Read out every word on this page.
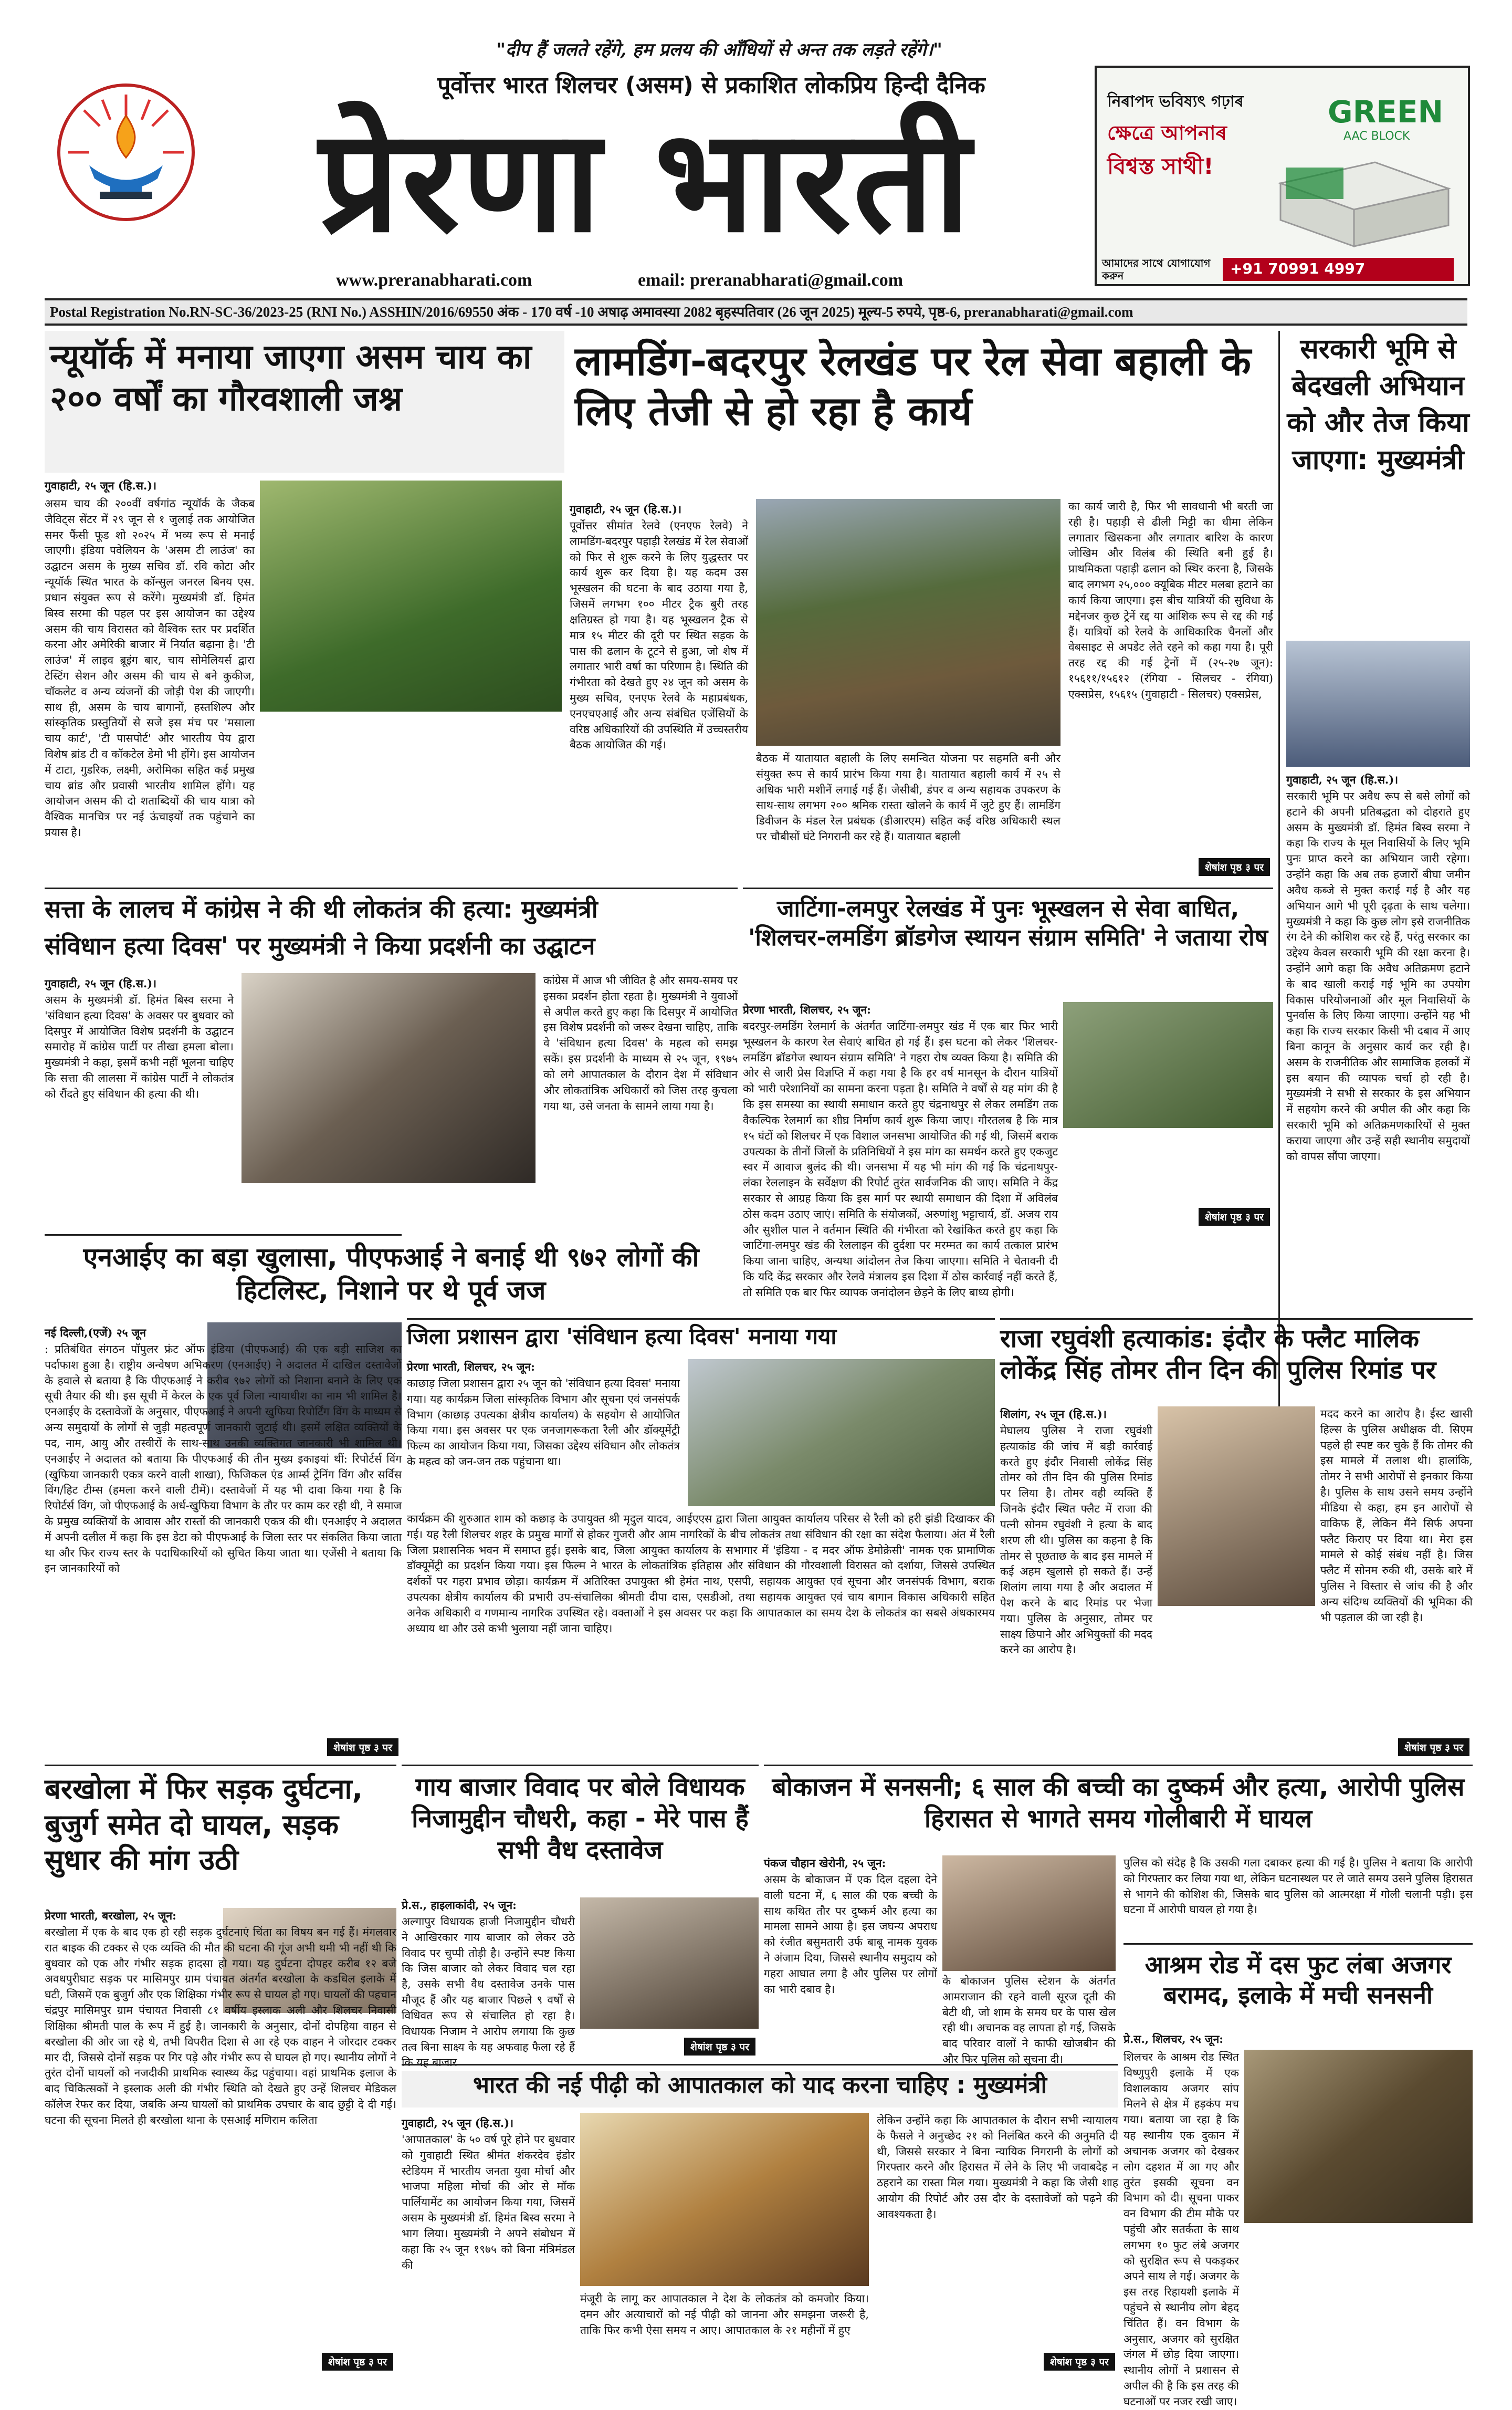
"दीप हैं जलते रहेंगे, हम प्रलय की आँधियों से अन्त तक लड़ते रहेंगे।"
पूर्वोत्तर भारत शिलचर (असम) से प्रकाशित लोकप्रिय हिन्दी दैनिक
प्रेरणा भारती
www.preranabharati.com	email: preranabharati@gmail.com
নিৰাপদ ভবিষ্যৎ গঢ়াৰ
ক্ষেত্ৰে আপনাৰ
বিশ্বস্ত সাথী!
GREEN
AAC BLOCK
আমাদের সাথে যোগাযোগ করুন	+91 70991 4997
Postal Registration No.RN-SC-36/2023-25 (RNI No.) ASSHIN/2016/69550 अंक - 170 वर्ष -10 अषाढ़ अमावस्या 2082 बृहस्पतिवार (26 जून 2025) मूल्य-5 रुपये, पृष्ठ-6, preranabharati@gmail.com
न्यूयॉर्क में मनाया जाएगा असम चाय का २०० वर्षों का गौरवशाली जश्न
गुवाहाटी, २५ जून (हि.स.)।
असम चाय की २००वीं वर्षगांठ न्यूयॉर्क के जैकब जैविट्स सेंटर में २९ जून से १ जुलाई तक आयोजित समर फैंसी फूड शो २०२५ में भव्य रूप से मनाई जाएगी। इंडिया पवेलियन के 'असम टी लाउंज' का उद्घाटन असम के मुख्य सचिव डॉ. रवि कोटा और न्यूयॉर्क स्थित भारत के कॉन्सुल जनरल बिनय एस. प्रधान संयुक्त रूप से करेंगे। मुख्यमंत्री डॉ. हिमंत बिस्व सरमा की पहल पर इस आयोजन का उद्देश्य असम की चाय विरासत को वैश्विक स्तर पर प्रदर्शित करना और अमेरिकी बाजार में निर्यात बढ़ाना है। 'टी लाउंज' में लाइव ब्रूइंग बार, चाय सोमेलियर्स द्वारा टेस्टिंग सेशन और असम की चाय से बने कुकीज, चॉकलेट व अन्य व्यंजनों की जोड़ी पेश की जाएगी। साथ ही, असम के चाय बागानों, हस्तशिल्प और सांस्कृतिक प्रस्तुतियों से सजे इस मंच पर 'मसाला चाय कार्ट', 'टी पासपोर्ट' और भारतीय पेय द्वारा विशेष ब्रांड टी व कॉकटेल डेमो भी होंगे। इस आयोजन में टाटा, गुडरिक, लक्ष्मी, अरोमिका सहित कई प्रमुख चाय ब्रांड और प्रवासी भारतीय शामिल होंगे। यह आयोजन असम की दो शताब्दियों की चाय यात्रा को वैश्विक मानचित्र पर नई ऊंचाइयों तक पहुंचाने का प्रयास है।
लामडिंग-बदरपुर रेलखंड पर रेल सेवा बहाली के लिए तेजी से हो रहा है कार्य
गुवाहाटी, २५ जून (हि.स.)।
पूर्वोत्तर सीमांत रेलवे (एनएफ रेलवे) ने लामडिंग-बदरपुर पहाड़ी रेलखंड में रेल सेवाओं को फिर से शुरू करने के लिए युद्धस्तर पर कार्य शुरू कर दिया है। यह कदम उस भूस्खलन की घटना के बाद उठाया गया है, जिसमें लगभग १०० मीटर ट्रैक बुरी तरह क्षतिग्रस्त हो गया है। यह भूस्खलन ट्रैक से मात्र १५ मीटर की दूरी पर स्थित सड़क के पास की ढलान के टूटने से हुआ, जो शेष में लगातार भारी वर्षा का परिणाम है। स्थिति की गंभीरता को देखते हुए २४ जून को असम के मुख्य सचिव, एनएफ रेलवे के महाप्रबंधक, एनएचएआई और अन्य संबंधित एजेंसियों के वरिष्ठ अधिकारियों की उपस्थिति में उच्चस्तरीय बैठक आयोजित की गई।
बैठक में यातायात बहाली के लिए समन्वित योजना पर सहमति बनी और संयुक्त रूप से कार्य प्रारंभ किया गया है। यातायात बहाली कार्य में २५ से अधिक भारी मशीनें लगाई गई हैं। जेसीबी, डंपर व अन्य सहायक उपकरण के साथ-साथ लगभग २०० श्रमिक रास्ता खोलने के कार्य में जुटे हुए हैं। लामडिंग डिवीजन के मंडल रेल प्रबंधक (डीआरएम) सहित कई वरिष्ठ अधिकारी स्थल पर चौबीसों घंटे निगरानी कर रहे हैं। यातायात बहाली
का कार्य जारी है, फिर भी सावधानी भी बरती जा रही है। पहाड़ी से ढीली मिट्टी का धीमा लेकिन लगातार खिसकना और लगातार बारिश के कारण जोखिम और विलंब की स्थिति बनी हुई है। प्राथमिकता पहाड़ी ढलान को स्थिर करना है, जिसके बाद लगभग २५,००० क्यूबिक मीटर मलबा हटाने का कार्य किया जाएगा। इस बीच यात्रियों की सुविधा के मद्देनजर कुछ ट्रेनें रद्द या आंशिक रूप से रद्द की गई हैं। यात्रियों को रेलवे के आधिकारिक चैनलों और वेबसाइट से अपडेट लेते रहने को कहा गया है। पूरी तरह रद्द की गई ट्रेनों में (२५-२७ जून): १५६११/१५६१२ (रंगिया - सिलचर - रंगिया) एक्सप्रेस, १५६१५ (गुवाहाटी - सिलचर) एक्सप्रेस,
शेषांश पृष्ठ ३ पर
सरकारी भूमि से बेदखली अभियान को और तेज किया जाएगा: मुख्यमंत्री
गुवाहाटी, २५ जून (हि.स.)।
सरकारी भूमि पर अवैध रूप से बसे लोगों को हटाने की अपनी प्रतिबद्धता को दोहराते हुए असम के मुख्यमंत्री डॉ. हिमंत बिस्व सरमा ने कहा कि राज्य के मूल निवासियों के लिए भूमि पुनः प्राप्त करने का अभियान जारी रहेगा। उन्होंने कहा कि अब तक हजारों बीघा जमीन अवैध कब्जे से मुक्त कराई गई है और यह अभियान आगे भी पूरी दृढ़ता के साथ चलेगा। मुख्यमंत्री ने कहा कि कुछ लोग इसे राजनीतिक रंग देने की कोशिश कर रहे हैं, परंतु सरकार का उद्देश्य केवल सरकारी भूमि की रक्षा करना है। उन्होंने आगे कहा कि अवैध अतिक्रमण हटाने के बाद खाली कराई गई भूमि का उपयोग विकास परियोजनाओं और मूल निवासियों के पुनर्वास के लिए किया जाएगा। उन्होंने यह भी कहा कि राज्य सरकार किसी भी दबाव में आए बिना कानून के अनुसार कार्य कर रही है। असम के राजनीतिक और सामाजिक हलकों में इस बयान की व्यापक चर्चा हो रही है। मुख्यमंत्री ने सभी से सरकार के इस अभियान में सहयोग करने की अपील की और कहा कि सरकारी भूमि को अतिक्रमणकारियों से मुक्त कराया जाएगा और उन्हें सही स्थानीय समुदायों को वापस सौंपा जाएगा।
सत्ता के लालच में कांग्रेस ने की थी लोकतंत्र की हत्या: मुख्यमंत्री
संविधान हत्या दिवस' पर मुख्यमंत्री ने किया प्रदर्शनी का उद्घाटन
गुवाहाटी, २५ जून (हि.स.)।
असम के मुख्यमंत्री डॉ. हिमंत बिस्व सरमा ने 'संविधान हत्या दिवस' के अवसर पर बुधवार को दिसपुर में आयोजित विशेष प्रदर्शनी के उद्घाटन समारोह में कांग्रेस पार्टी पर तीखा हमला बोला। मुख्यमंत्री ने कहा, इसमें कभी नहीं भूलना चाहिए कि सत्ता की लालसा में कांग्रेस पार्टी ने लोकतंत्र को रौंदते हुए संविधान की हत्या की थी।
कांग्रेस में आज भी जीवित है और समय-समय पर इसका प्रदर्शन होता रहता है। मुख्यमंत्री ने युवाओं से अपील करते हुए कहा कि दिसपुर में आयोजित इस विशेष प्रदर्शनी को जरूर देखना चाहिए, ताकि वे 'संविधान हत्या दिवस' के महत्व को समझ सकें। इस प्रदर्शनी के माध्यम से २५ जून, १९७५ को लगे आपातकाल के दौरान देश में संविधान और लोकतांत्रिक अधिकारों को जिस तरह कुचला गया था, उसे जनता के सामने लाया गया है।
जाटिंगा-लमपुर रेलखंड में पुनः भूस्खलन से सेवा बाधित, 'शिलचर-लमडिंग ब्रॉडगेज स्थायन संग्राम समिति' ने जताया रोष
प्रेरणा भारती, शिलचर, २५ जून:
बदरपुर-लमडिंग रेलमार्ग के अंतर्गत जाटिंगा-लमपुर खंड में एक बार फिर भारी भूस्खलन के कारण रेल सेवाएं बाधित हो गई हैं। इस घटना को लेकर 'शिलचर-लमडिंग ब्रॉडगेज स्थायन संग्राम समिति' ने गहरा रोष व्यक्त किया है। समिति की ओर से जारी प्रेस विज्ञप्ति में कहा गया है कि हर वर्ष मानसून के दौरान यात्रियों को भारी परेशानियों का सामना करना पड़ता है। समिति ने वर्षों से यह मांग की है कि इस समस्या का स्थायी समाधान करते हुए चंद्रनाथपुर से लेकर लमडिंग तक वैकल्पिक रेलमार्ग का शीघ्र निर्माण कार्य शुरू किया जाए। गौरतलब है कि मात्र १५ घंटों को शिलचर में एक विशाल जनसभा आयोजित की गई थी, जिसमें बराक उपत्यका के तीनों जिलों के प्रतिनिधियों ने इस मांग का समर्थन करते हुए एकजुट स्वर में आवाज बुलंद की थी। जनसभा में यह भी मांग की गई कि चंद्रनाथपुर-लंका रेललाइन के सर्वेक्षण की रिपोर्ट तुरंत सार्वजनिक की जाए। समिति ने केंद्र सरकार से आग्रह किया कि इस मार्ग पर स्थायी समाधान की दिशा में अविलंब ठोस कदम उठाए जाएं। समिति के संयोजकों, अरुणांशु भट्टाचार्य, डॉ. अजय राय और सुशील पाल ने वर्तमान स्थिति की गंभीरता को रेखांकित करते हुए कहा कि जाटिंगा-लमपुर खंड की रेललाइन की दुर्दशा पर मरम्मत का कार्य तत्काल प्रारंभ किया जाना चाहिए, अन्यथा आंदोलन तेज किया जाएगा। समिति ने चेतावनी दी कि यदि केंद्र सरकार और रेलवे मंत्रालय इस दिशा में ठोस कार्रवाई नहीं करते हैं, तो समिति एक बार फिर व्यापक जनांदोलन छेड़ने के लिए बाध्य होगी।
शेषांश पृष्ठ ३ पर
एनआईए का बड़ा खुलासा, पीएफआई ने बनाई थी ९७२ लोगों की हिटलिस्ट, निशाने पर थे पूर्व जज
नई दिल्ली,(एजें) २५ जून
: प्रतिबंधित संगठन पॉपुलर फ्रंट ऑफ इंडिया (पीएफआई) की एक बड़ी साजिश का पर्दाफाश हुआ है। राष्ट्रीय अन्वेषण अभिकरण (एनआईए) ने अदालत में दाखिल दस्तावेजों के हवाले से बताया है कि पीएफआई ने करीब ९७२ लोगों को निशाना बनाने के लिए एक सूची तैयार की थी। इस सूची में केरल के एक पूर्व जिला न्यायाधीश का नाम भी शामिल है। एनआईए के दस्तावेजों के अनुसार, पीएफआई ने अपनी खुफिया रिपोर्टिंग विंग के माध्यम से अन्य समुदायों के लोगों से जुड़ी महत्वपूर्ण जानकारी जुटाई थी। इसमें लक्षित व्यक्तियों के पद, नाम, आयु और तस्वीरों के साथ-साथ उनकी व्यक्तिगत जानकारी भी शामिल थी। एनआईए ने अदालत को बताया कि पीएफआई की तीन मुख्य इकाइयां थीं: रिपोर्टर्स विंग (खुफिया जानकारी एकत्र करने वाली शाखा), फिजिकल एंड आर्म्स ट्रेनिंग विंग और सर्विस विंग/हिट टीम्स (हमला करने वाली टीमें)। दस्तावेजों में यह भी दावा किया गया है कि रिपोर्टर्स विंग, जो पीएफआई के अर्ध-खुफिया विभाग के तौर पर काम कर रही थी, ने समाज के प्रमुख व्यक्तियों के आवास और रास्तों की जानकारी एकत्र की थी। एनआईए ने अदालत में अपनी दलील में कहा कि इस डेटा को पीएफआई के जिला स्तर पर संकलित किया जाता था और फिर राज्य स्तर के पदाधिकारियों को सुचित किया जाता था। एजेंसी ने बताया कि इन जानकारियों को
शेषांश पृष्ठ ३ पर
जिला प्रशासन द्वारा 'संविधान हत्या दिवस' मनाया गया
प्रेरणा भारती, शिलचर, २५ जून:
काछाड़ जिला प्रशासन द्वारा २५ जून को 'संविधान हत्या दिवस' मनाया गया। यह कार्यक्रम जिला सांस्कृतिक विभाग और सूचना एवं जनसंपर्क विभाग (काछाड़ उपत्यका क्षेत्रीय कार्यालय) के सहयोग से आयोजित किया गया। इस अवसर पर एक जनजागरूकता रैली और डॉक्यूमेंट्री फिल्म का आयोजन किया गया, जिसका उद्देश्य संविधान और लोकतंत्र के महत्व को जन-जन तक पहुंचाना था।
कार्यक्रम की शुरुआत शाम को कछाड़ के उपायुक्त श्री मृदुल यादव, आईएएस द्वारा जिला आयुक्त कार्यालय परिसर से रैली को हरी झंडी दिखाकर की गई। यह रैली शिलचर शहर के प्रमुख मार्गों से होकर गुजरी और आम नागरिकों के बीच लोकतंत्र तथा संविधान की रक्षा का संदेश फैलाया। अंत में रैली जिला प्रशासनिक भवन में समाप्त हुई। इसके बाद, जिला आयुक्त कार्यालय के सभागार में 'इंडिया - द मदर ऑफ डेमोक्रेसी' नामक एक प्रामाणिक डॉक्यूमेंट्री का प्रदर्शन किया गया। इस फिल्म ने भारत के लोकतांत्रिक इतिहास और संविधान की गौरवशाली विरासत को दर्शाया, जिससे उपस्थित दर्शकों पर गहरा प्रभाव छोड़ा। कार्यक्रम में अतिरिक्त उपायुक्त श्री हेमंत नाथ, एसपी, सहायक आयुक्त एवं सूचना और जनसंपर्क विभाग, बराक उपत्यका क्षेत्रीय कार्यालय की प्रभारी उप-संचालिका श्रीमती दीपा दास, एसडीओ, तथा सहायक आयुक्त एवं चाय बागान विकास अधिकारी सहित अनेक अधिकारी व गणमान्य नागरिक उपस्थित रहे। वक्ताओं ने इस अवसर पर कहा कि आपातकाल का समय देश के लोकतंत्र का सबसे अंधकारमय अध्याय था और उसे कभी भुलाया नहीं जाना चाहिए।
राजा रघुवंशी हत्याकांड: इंदौर के फ्लैट मालिक लोकेंद्र सिंह तोमर तीन दिन की पुलिस रिमांड पर
शिलांग, २५ जून (हि.स.)।
मेघालय पुलिस ने राजा रघुवंशी हत्याकांड की जांच में बड़ी कार्रवाई करते हुए इंदौर निवासी लोकेंद्र सिंह तोमर को तीन दिन की पुलिस रिमांड पर लिया है। तोमर वही व्यक्ति हैं जिनके इंदौर स्थित फ्लैट में राजा की पत्नी सोनम रघुवंशी ने हत्या के बाद शरण ली थी। पुलिस का कहना है कि तोमर से पूछताछ के बाद इस मामले में कई अहम खुलासे हो सकते हैं। उन्हें शिलांग लाया गया है और अदालत में पेश करने के बाद रिमांड पर भेजा गया। पुलिस के अनुसार, तोमर पर साक्ष्य छिपाने और अभियुक्तों की मदद करने का आरोप है।
मदद करने का आरोप है। ईस्ट खासी हिल्स के पुलिस अधीक्षक वी. सिएम पहले ही स्पष्ट कर चुके हैं कि तोमर की इस मामले में तलाश थी। हालांकि, तोमर ने सभी आरोपों से इनकार किया है। पुलिस के साथ उसने समय उन्होंने मीडिया से कहा, हम इन आरोपों से वाकिफ हैं, लेकिन मैंने सिर्फ अपना फ्लैट किराए पर दिया था। मेरा इस मामले से कोई संबंध नहीं है। जिस फ्लैट में सोनम रुकी थी, उसके बारे में पुलिस ने विस्तार से जांच की है और अन्य संदिग्ध व्यक्तियों की भूमिका की भी पड़ताल की जा रही है।
शेषांश पृष्ठ ३ पर
बरखोला में फिर सड़क दुर्घटना, बुजुर्ग समेत दो घायल, सड़क सुधार की मांग उठी
प्रेरणा भारती, बरखोला, २५ जून:
बरखोला में एक के बाद एक हो रही सड़क दुर्घटनाएं चिंता का विषय बन गई हैं। मंगलवार रात बाइक की टक्कर से एक व्यक्ति की मौत की घटना की गूंज अभी थमी भी नहीं थी कि बुधवार को एक और गंभीर सड़क हादसा हो गया। यह दुर्घटना दोपहर करीब १२ बजे अवधपुरीघाट सड़क पर मासिमपुर ग्राम पंचायत अंतर्गत बरखोला के कडधिल इलाके में घटी, जिसमें एक बुजुर्ग और एक शिक्षिका गंभीर रूप से घायल हो गए। घायलों की पहचान चंद्रपुर मासिमपुर ग्राम पंचायत निवासी ८१ वर्षीय इस्लाक अली और शिलचर निवासी शिक्षिका श्रीमती पाल के रूप में हुई है। जानकारी के अनुसार, दोनों दोपहिया वाहन से बरखोला की ओर जा रहे थे, तभी विपरीत दिशा से आ रहे एक वाहन ने जोरदार टक्कर मार दी, जिससे दोनों सड़क पर गिर पड़े और गंभीर रूप से घायल हो गए। स्थानीय लोगों ने तुरंत दोनों घायलों को नजदीकी प्राथमिक स्वास्थ्य केंद्र पहुंचाया। वहां प्राथमिक इलाज के बाद चिकित्सकों ने इस्लाक अली की गंभीर स्थिति को देखते हुए उन्हें शिलचर मेडिकल कॉलेज रेफर कर दिया, जबकि अन्य घायलों को प्राथमिक उपचार के बाद छुट्टी दे दी गई। घटना की सूचना मिलते ही बरखोला थाना के एसआई मणिराम कलिता
शेषांश पृष्ठ ३ पर
गाय बाजार विवाद पर बोले विधायक निजामुद्दीन चौधरी, कहा - मेरे पास हैं सभी वैध दस्तावेज
प्रे.स., हाइलाकांदी, २५ जून:
अल्गापुर विधायक हाजी निजामुद्दीन चौधरी ने आखिरकार गाय बाजार को लेकर उठे विवाद पर चुप्पी तोड़ी है। उन्होंने स्पष्ट किया कि जिस बाजार को लेकर विवाद चल रहा है, उसके सभी वैध दस्तावेज उनके पास मौजूद हैं और यह बाजार पिछले ९ वर्षों से विधिवत रूप से संचालित हो रहा है। विधायक निजाम ने आरोप लगाया कि कुछ तत्व बिना साक्ष्य के यह अफवाह फैला रहे हैं कि यह बाजार
शेषांश पृष्ठ ३ पर
बोकाजन में सनसनी; ६ साल की बच्ची का दुष्कर्म और हत्या, आरोपी पुलिस हिरासत से भागते समय गोलीबारी में घायल
पंकज चौहान खेरोनी, २५ जून:
असम के बोकाजन में एक दिल दहला देने वाली घटना में, ६ साल की एक बच्ची के साथ कथित तौर पर दुष्कर्म और हत्या का मामला सामने आया है। इस जघन्य अपराध को रंजीत बसुमतारी उर्फ बाबू नामक युवक ने अंजाम दिया, जिससे स्थानीय समुदाय को गहरा आघात लगा है और पुलिस पर लोगों का भारी दबाव है।
के बोकाजन पुलिस स्टेशन के अंतर्गत आमराजान की रहने वाली सूरज दूती की बेटी थी, जो शाम के समय घर के पास खेल रही थी। अचानक वह लापता हो गई, जिसके बाद परिवार वालों ने काफी खोजबीन की और फिर पुलिस को सूचना दी।
पुलिस को संदेह है कि उसकी गला दबाकर हत्या की गई है। पुलिस ने बताया कि आरोपी को गिरफ्तार कर लिया गया था, लेकिन घटनास्थल पर ले जाते समय उसने पुलिस हिरासत से भागने की कोशिश की, जिसके बाद पुलिस को आत्मरक्षा में गोली चलानी पड़ी। इस घटना में आरोपी घायल हो गया है।
आश्रम रोड में दस फुट लंबा अजगर बरामद, इलाके में मची सनसनी
प्रे.स., शिलचर, २५ जून:
शिलचर के आश्रम रोड स्थित विष्णुपुरी इलाके में एक विशालकाय अजगर सांप मिलने से क्षेत्र में हड़कंप मच गया। बताया जा रहा है कि यह स्थानीय एक दुकान में अचानक अजगर को देखकर लोग दहशत में आ गए और तुरंत इसकी सूचना वन विभाग को दी। सूचना पाकर वन विभाग की टीम मौके पर पहुंची और सतर्कता के साथ लगभग १० फुट लंबे अजगर को सुरक्षित रूप से पकड़कर अपने साथ ले गई। अजगर के इस तरह रिहायशी इलाके में पहुंचने से स्थानीय लोग बेहद चिंतित हैं। वन विभाग के अनुसार, अजगर को सुरक्षित जंगल में छोड़ दिया जाएगा। स्थानीय लोगों ने प्रशासन से अपील की है कि इस तरह की घटनाओं पर नजर रखी जाए।
भारत की नई पीढ़ी को आपातकाल को याद करना चाहिए : मुख्यमंत्री
गुवाहाटी, २५ जून (हि.स.)।
'आपातकाल' के ५० वर्ष पूरे होने पर बुधवार को गुवाहाटी स्थित श्रीमंत शंकरदेव इंडोर स्टेडियम में भारतीय जनता युवा मोर्चा और भाजपा महिला मोर्चा की ओर से मॉक पार्लियामेंट का आयोजन किया गया, जिसमें असम के मुख्यमंत्री डॉ. हिमंत बिस्व सरमा ने भाग लिया। मुख्यमंत्री ने अपने संबोधन में कहा कि २५ जून १९७५ को बिना मंत्रिमंडल की
मंजूरी के लागू कर आपातकाल ने देश के लोकतंत्र को कमजोर किया। दमन और अत्याचारों को नई पीढ़ी को जानना और समझना जरूरी है, ताकि फिर कभी ऐसा समय न आए। आपातकाल के २१ महीनों में हुए
लेकिन उन्होंने कहा कि आपातकाल के दौरान सभी न्यायालय के फैसले ने अनुच्छेद २१ को निलंबित करने की अनुमति दी थी, जिससे सरकार ने बिना न्यायिक निगरानी के लोगों को गिरफ्तार करने और हिरासत में लेने के लिए भी जवाबदेह न ठहराने का रास्ता मिल गया। मुख्यमंत्री ने कहा कि जेसी शाह आयोग की रिपोर्ट और उस दौर के दस्तावेजों को पढ़ने की आवश्यकता है।
शेषांश पृष्ठ ३ पर
